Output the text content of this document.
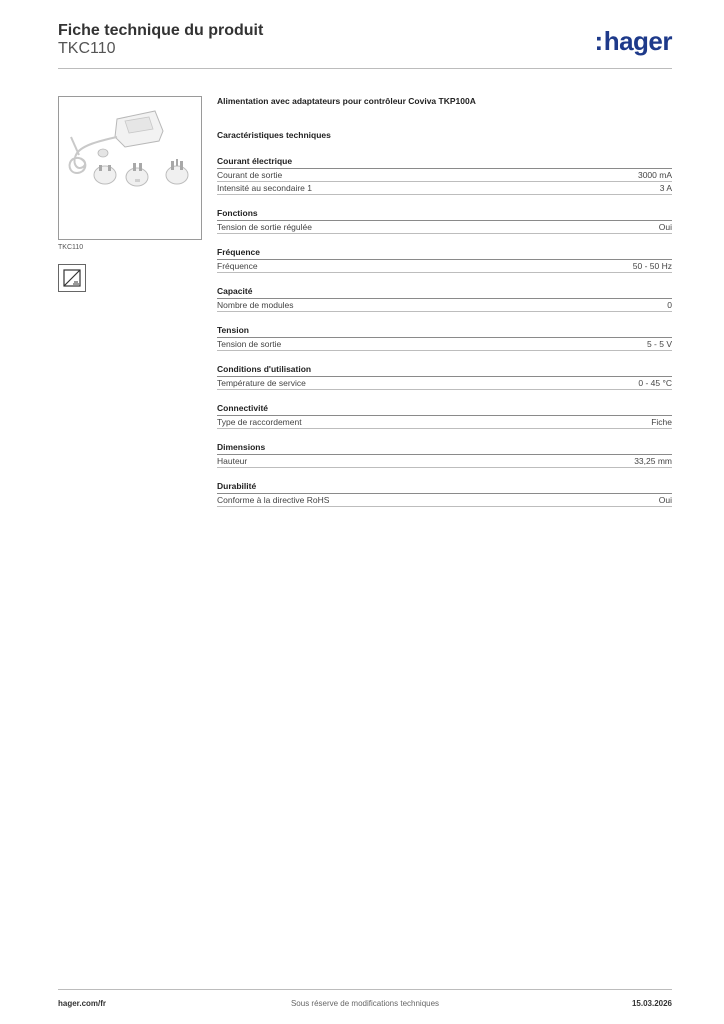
Fiche technique du produit
TKC110	:hager
TKC110
Alimentation avec adaptateurs pour contrôleur Coviva TKP100A
Caractéristiques techniques
Courant électrique
Courant de sortie	3000 mA
Intensité au secondaire 1	3 A
Fonctions
Tension de sortie régulée	Oui
Fréquence
Fréquence	50 - 50 Hz
Capacité
Nombre de modules	0
Tension
Tension de sortie	5 - 5 V
Conditions d'utilisation
Température de service	0 - 45 °C
Connectivité
Type de raccordement	Fiche
Dimensions
Hauteur	33,25 mm
Durabilité
Conforme à la directive RoHS	Oui
hager.com/fr	Sous réserve de modifications techniques	15.03.2026
